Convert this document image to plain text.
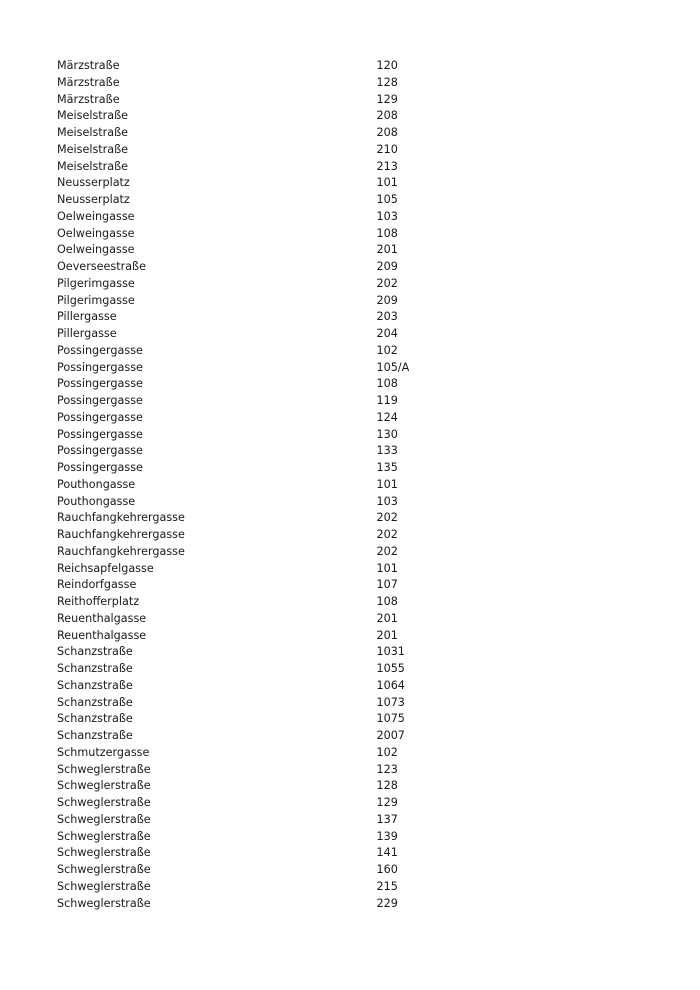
Märzstraße	120
Märzstraße	128
Märzstraße	129
Meiselstraße	208
Meiselstraße	208
Meiselstraße	210
Meiselstraße	213
Neusserplatz	101
Neusserplatz	105
Oelweingasse	103
Oelweingasse	108
Oelweingasse	201
Oeverseestraße	209
Pilgerimgasse	202
Pilgerimgasse	209
Pillergasse	203
Pillergasse	204
Possingergasse	102
Possingergasse	105/A
Possingergasse	108
Possingergasse	119
Possingergasse	124
Possingergasse	130
Possingergasse	133
Possingergasse	135
Pouthongasse	101
Pouthongasse	103
Rauchfangkehrergasse	202
Rauchfangkehrergasse	202
Rauchfangkehrergasse	202
Reichsapfelgasse	101
Reindorfgasse	107
Reithofferplatz	108
Reuenthalgasse	201
Reuenthalgasse	201
Schanzstraße	1031
Schanzstraße	1055
Schanzstraße	1064
Schanzstraße	1073
Schanzstraße	1075
Schanzstraße	2007
Schmutzergasse	102
Schweglerstraße	123
Schweglerstraße	128
Schweglerstraße	129
Schweglerstraße	137
Schweglerstraße	139
Schweglerstraße	141
Schweglerstraße	160
Schweglerstraße	215
Schweglerstraße	229
